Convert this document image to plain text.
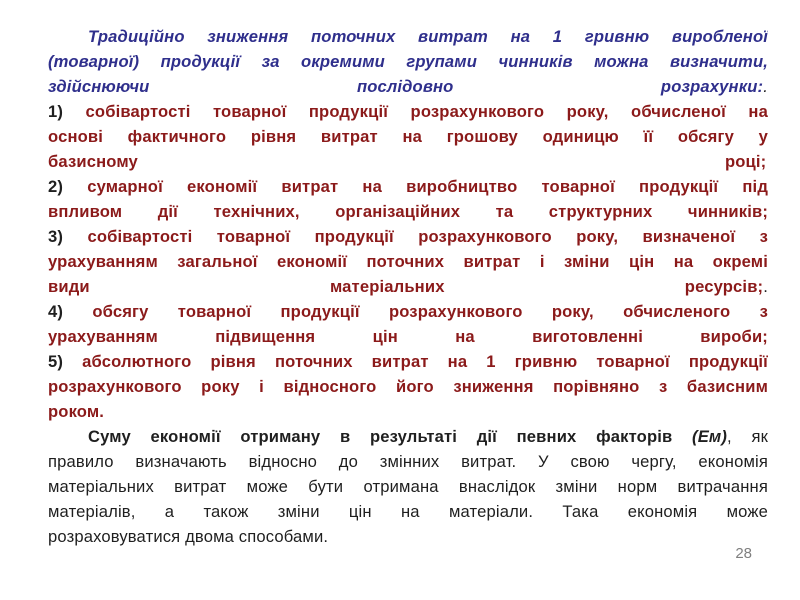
Традиційно зниження поточних витрат на 1 гривню виробленої
(товарної) продукції за окремими групами чинників можна визначити,
здійснюючи послідовно розрахунки:.
1) собівартості товарної продукції розрахункового року, обчисленої на
основі фактичного рівня витрат на грошову одиницю її обсягу у
базисному	році;
2) сумарної економії витрат на виробництво товарної продукції під
впливом дії технічних, організаційних та структурних чинників;
3) собівартості товарної продукції розрахункового року, визначеної з
урахуванням загальної економії поточних витрат і зміни цін на окремі
види матеріальних ресурсів;.
4) обсягу товарної продукції розрахункового року, обчисленого з
урахуванням підвищення цін на виготовленні вироби;
5) абсолютного рівня поточних витрат на 1 гривню товарної продукції
розрахункового року і відносного його зниження порівняно з базисним
роком.
Суму економії отриману в результаті дії певних факторів (Ем), як
правило визначають відносно до змінних витрат. У свою чергу, економія
матеріальних витрат може бути отримана внаслідок зміни норм витрачання
матеріалів, а також зміни цін на матеріали. Така економія може
розраховуватися двома способами.
28
